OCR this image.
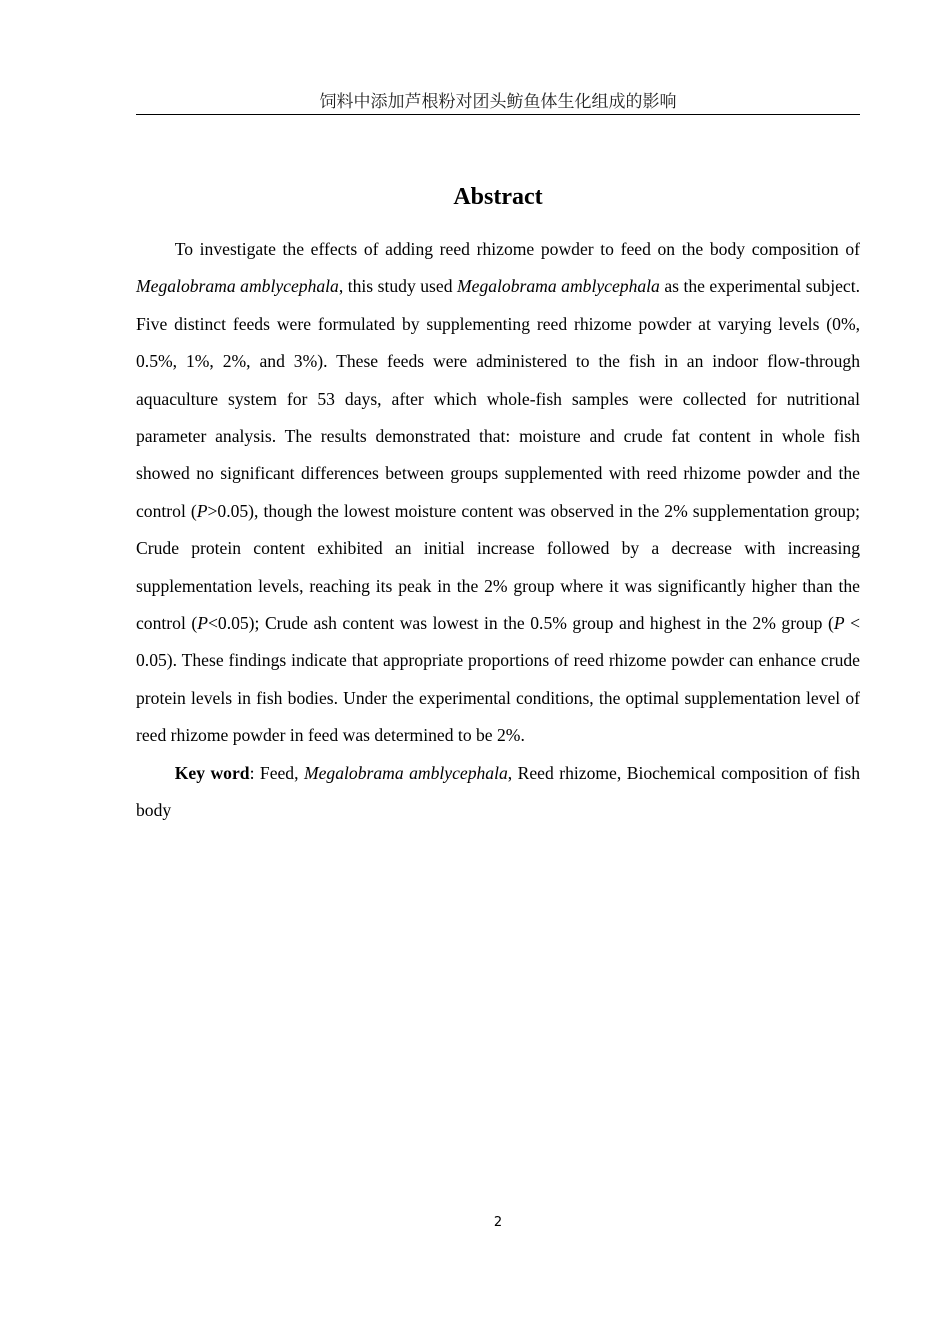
饲料中添加芦根粉对团头鲂鱼体生化组成的影响
Abstract

To investigate the effects of adding reed rhizome powder to feed on the body composition of Megalobrama amblycephala, this study used Megalobrama amblycephala as the experimental subject. Five distinct feeds were formulated by supplementing reed rhizome powder at varying levels (0%, 0.5%, 1%, 2%, and 3%). These feeds were administered to the fish in an indoor flow-through aquaculture system for 53 days, after which whole-fish samples were collected for nutritional parameter analysis. The results demonstrated that: moisture and crude fat content in whole fish showed no significant differences between groups supplemented with reed rhizome powder and the control (P>0.05), though the lowest moisture content was observed in the 2% supplementation group; Crude protein content exhibited an initial increase followed by a decrease with increasing supplementation levels, reaching its peak in the 2% group where it was significantly higher than the control (P<0.05); Crude ash content was lowest in the 0.5% group and highest in the 2% group (P < 0.05). These findings indicate that appropriate proportions of reed rhizome powder can enhance crude protein levels in fish bodies. Under the experimental conditions, the optimal supplementation level of reed rhizome powder in feed was determined to be 2%.

Key word: Feed, Megalobrama amblycephala, Reed rhizome, Biochemical composition of fish body

2
